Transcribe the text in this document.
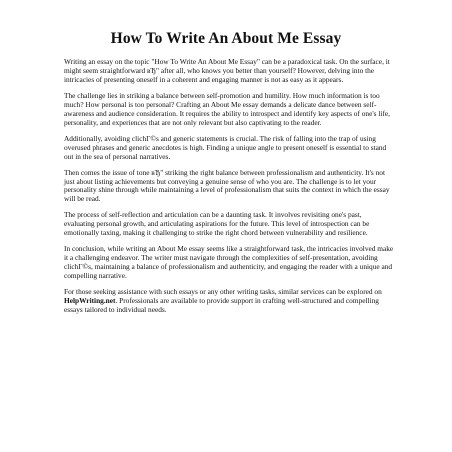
How To Write An About Me Essay

Writing an essay on the topic "How To Write An About Me Essay" can be a paradoxical task. On the surface, it might seem straightforward вЂ" after all, who knows you better than yourself? However, delving into the intricacies of presenting oneself in a coherent and engaging manner is not as easy as it appears.

The challenge lies in striking a balance between self-promotion and humility. How much information is too much? How personal is too personal? Crafting an About Me essay demands a delicate dance between self-awareness and audience consideration. It requires the ability to introspect and identify key aspects of one's life, personality, and experiences that are not only relevant but also captivating to the reader.

Additionally, avoiding clichГ©s and generic statements is crucial. The risk of falling into the trap of using overused phrases and generic anecdotes is high. Finding a unique angle to present oneself is essential to stand out in the sea of personal narratives.

Then comes the issue of tone вЂ" striking the right balance between professionalism and authenticity. It's not just about listing achievements but conveying a genuine sense of who you are. The challenge is to let your personality shine through while maintaining a level of professionalism that suits the context in which the essay will be read.

The process of self-reflection and articulation can be a daunting task. It involves revisiting one's past, evaluating personal growth, and articulating aspirations for the future. This level of introspection can be emotionally taxing, making it challenging to strike the right chord between vulnerability and resilience.

In conclusion, while writing an About Me essay seems like a straightforward task, the intricacies involved make it a challenging endeavor. The writer must navigate through the complexities of self-presentation, avoiding clichГ©s, maintaining a balance of professionalism and authenticity, and engaging the reader with a unique and compelling narrative.

For those seeking assistance with such essays or any other writing tasks, similar services can be explored on HelpWriting.net. Professionals are available to provide support in crafting well-structured and compelling essays tailored to individual needs.
